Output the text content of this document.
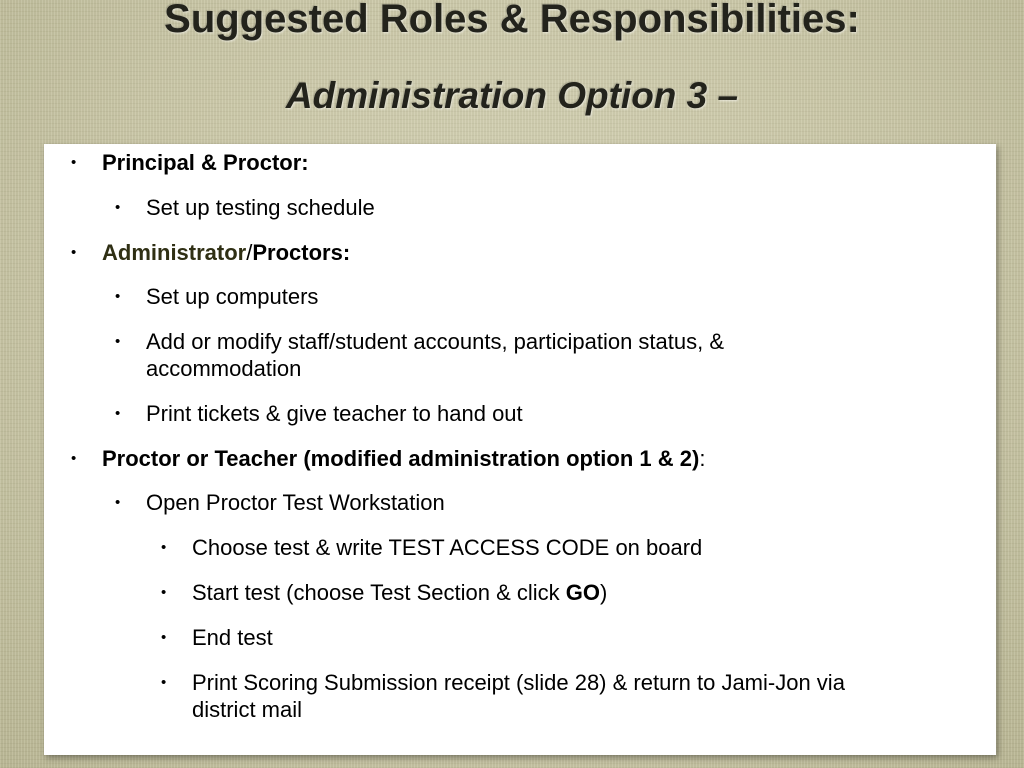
Suggested Roles & Responsibilities:
Administration Option 3 –
• Principal & Proctor:
• Set up testing schedule
• Administrator/Proctors:
• Set up computers
• Add or modify staff/student accounts, participation status, &
accommodation
• Print tickets & give teacher to hand out
• Proctor or Teacher (modified administration option 1 & 2):
• Open Proctor Test Workstation
• Choose test & write TEST ACCESS CODE on board
• Start test (choose Test Section & click GO)
• End test
• Print Scoring Submission receipt (slide 28) & return to Jami-Jon via
district mail
